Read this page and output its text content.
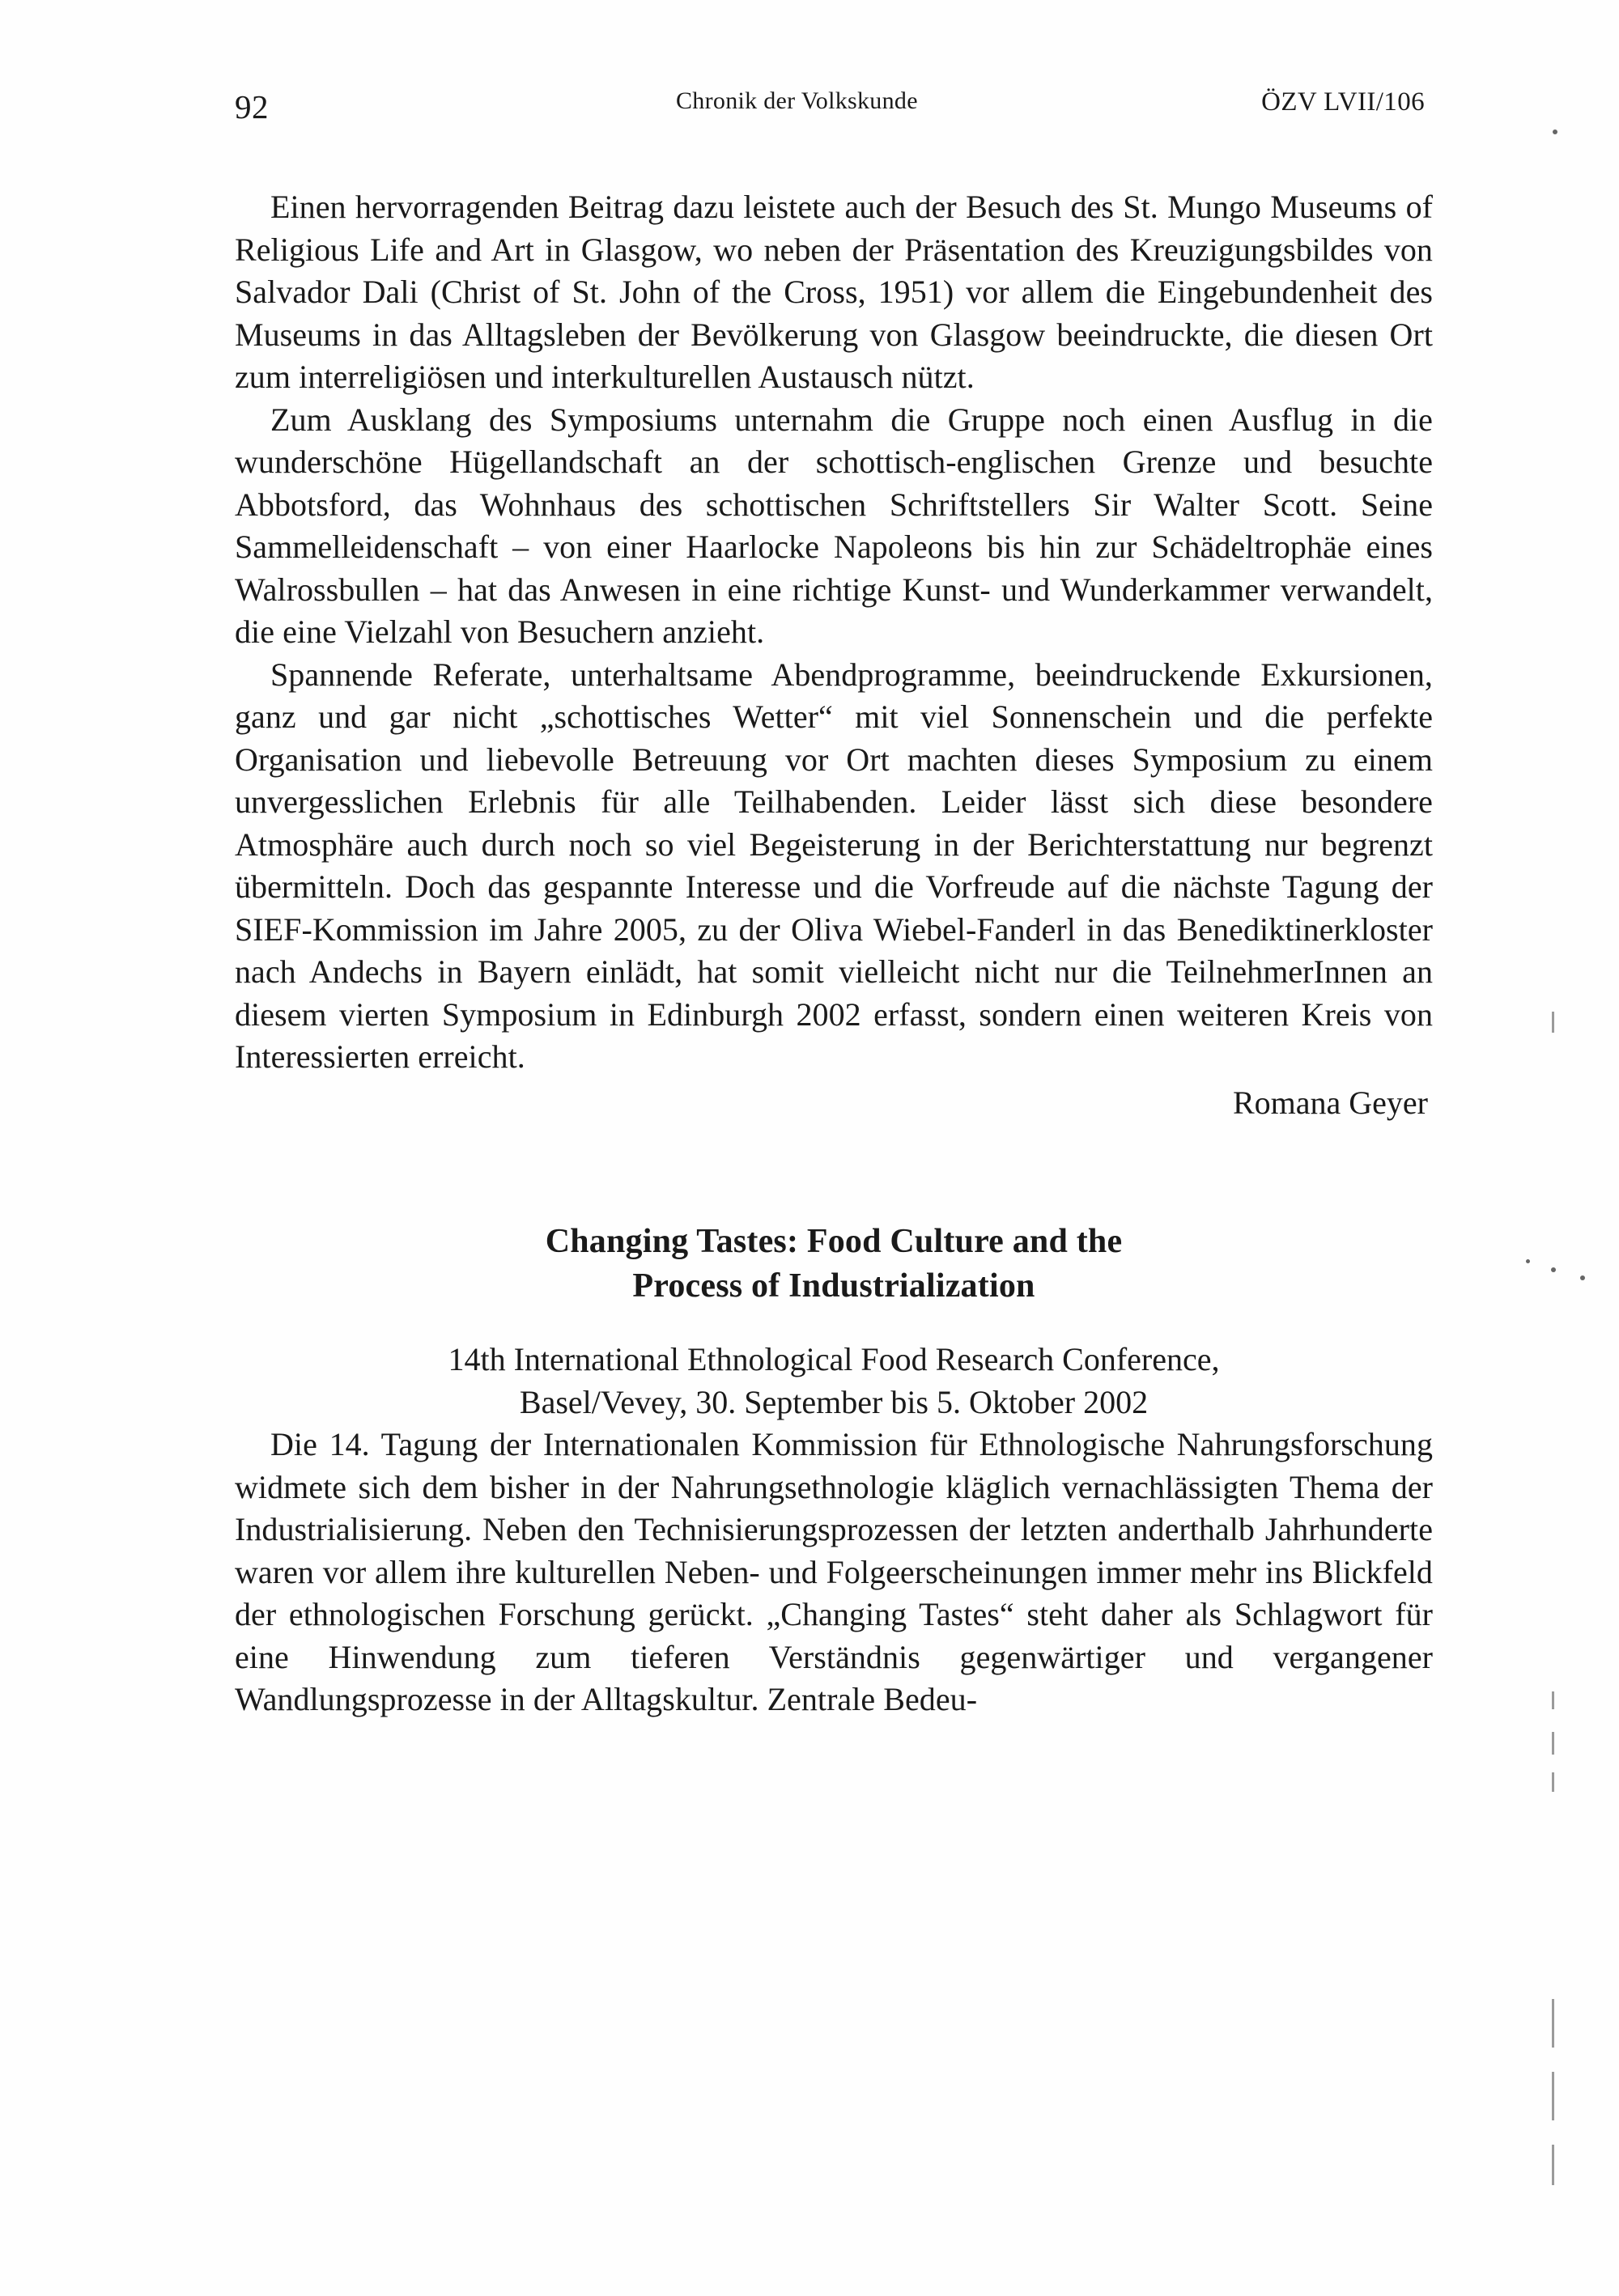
92	Chronik der Volkskunde	ÖZV LVII/106

Einen hervorragenden Beitrag dazu leistete auch der Besuch des St. Mungo Museums of Religious Life and Art in Glasgow, wo neben der Präsentation des Kreuzigungsbildes von Salvador Dali (Christ of St. John of the Cross, 1951) vor allem die Eingebundenheit des Museums in das Alltagsleben der Bevölkerung von Glasgow beeindruckte, die diesen Ort zum interreligiösen und interkulturellen Austausch nützt.

Zum Ausklang des Symposiums unternahm die Gruppe noch einen Ausflug in die wunderschöne Hügellandschaft an der schottisch-englischen Grenze und besuchte Abbotsford, das Wohnhaus des schottischen Schriftstellers Sir Walter Scott. Seine Sammelleidenschaft – von einer Haarlocke Napoleons bis hin zur Schädeltrophäe eines Walrossbullen – hat das Anwesen in eine richtige Kunst- und Wunderkammer verwandelt, die eine Vielzahl von Besuchern anzieht.

Spannende Referate, unterhaltsame Abendprogramme, beeindruckende Exkursionen, ganz und gar nicht „schottisches Wetter“ mit viel Sonnenschein und die perfekte Organisation und liebevolle Betreuung vor Ort machten dieses Symposium zu einem unvergesslichen Erlebnis für alle Teilhabenden. Leider lässt sich diese besondere Atmosphäre auch durch noch so viel Begeisterung in der Berichterstattung nur begrenzt übermitteln. Doch das gespannte Interesse und die Vorfreude auf die nächste Tagung der SIEF-Kommission im Jahre 2005, zu der Oliva Wiebel-Fanderl in das Benediktinerkloster nach Andechs in Bayern einlädt, hat somit vielleicht nicht nur die TeilnehmerInnen an diesem vierten Symposium in Edinburgh 2002 erfasst, sondern einen weiteren Kreis von Interessierten erreicht.

Romana Geyer
Changing Tastes: Food Culture and the
Process of Industrialization
14th International Ethnological Food Research Conference,
Basel/Vevey, 30. September bis 5. Oktober 2002

Die 14. Tagung der Internationalen Kommission für Ethnologische Nahrungsforschung widmete sich dem bisher in der Nahrungsethnologie kläglich vernachlässigten Thema der Industrialisierung. Neben den Technisierungsprozessen der letzten anderthalb Jahrhunderte waren vor allem ihre kulturellen Neben- und Folgeerscheinungen immer mehr ins Blickfeld der ethnologischen Forschung gerückt. „Changing Tastes“ steht daher als Schlagwort für eine Hinwendung zum tieferen Verständnis gegenwärtiger und vergangener Wandlungsprozesse in der Alltagskultur. Zentrale Bedeu-
